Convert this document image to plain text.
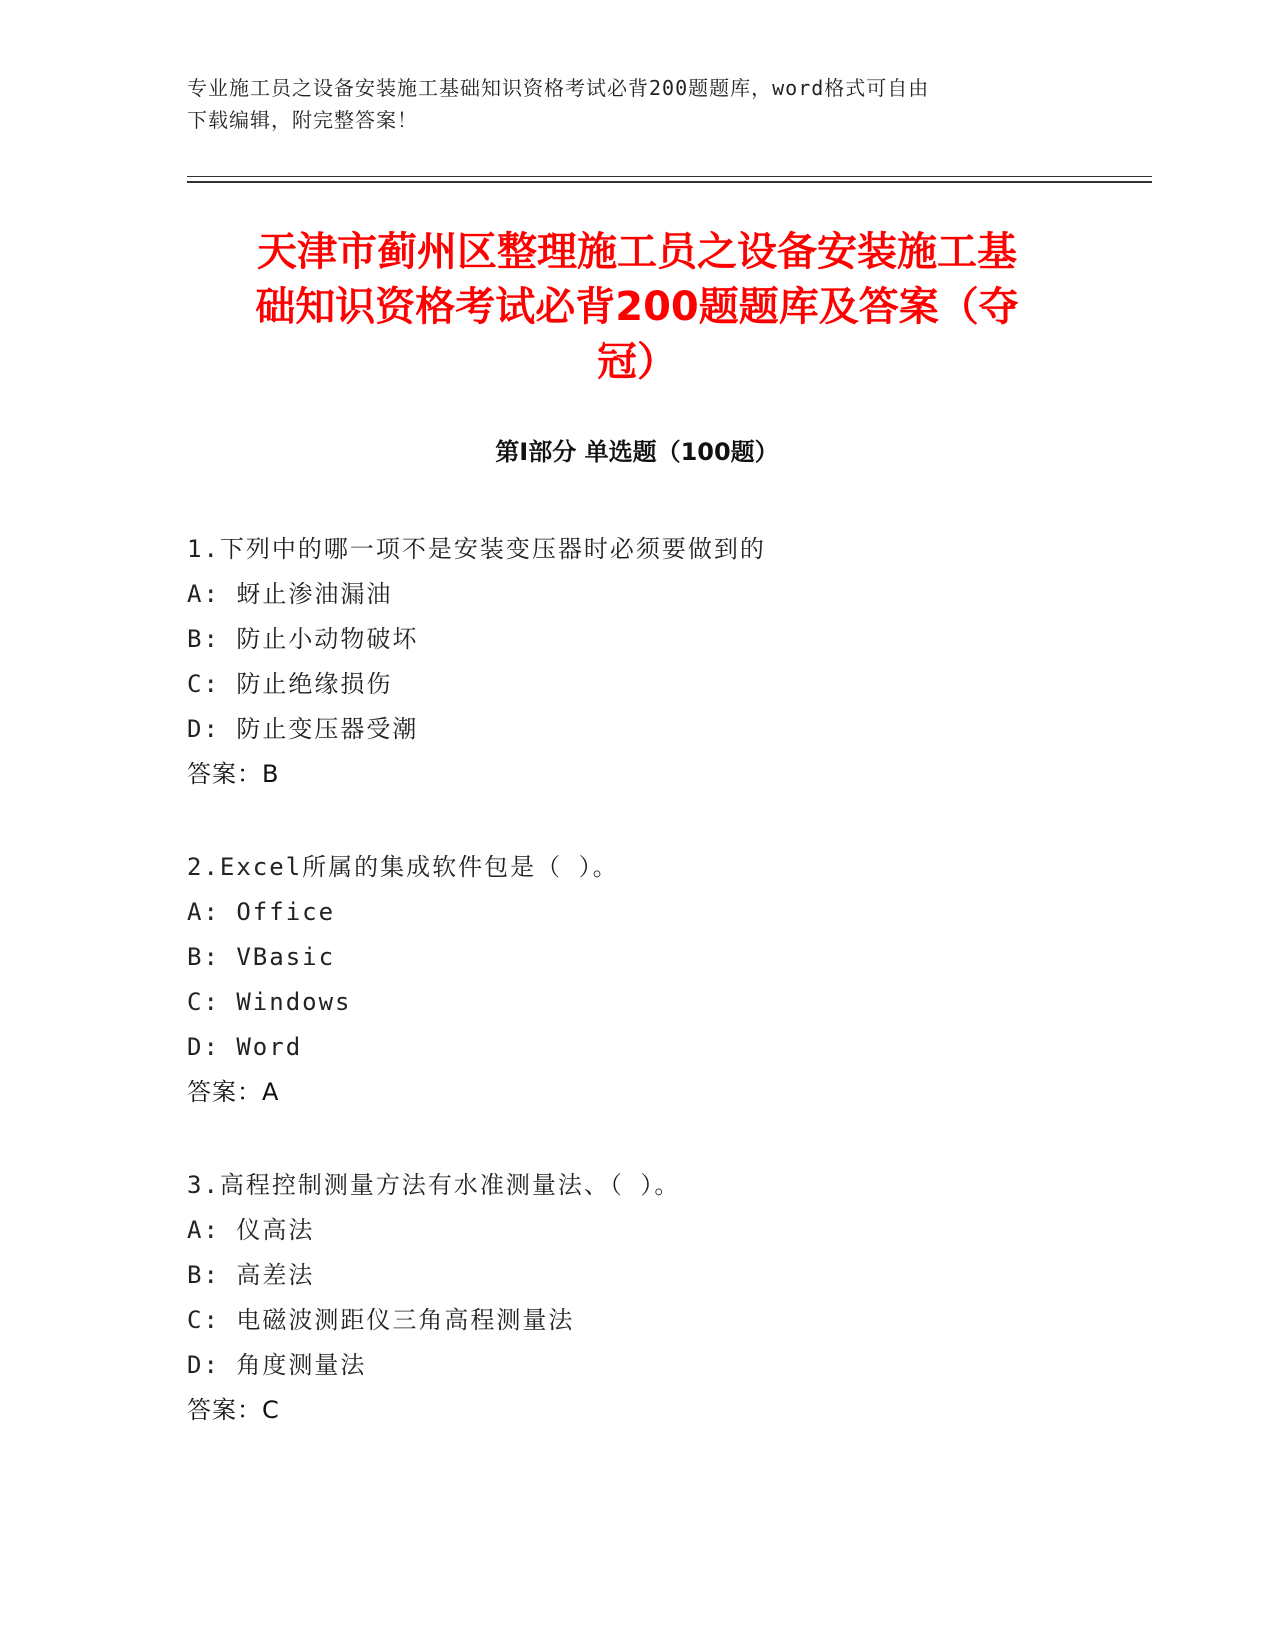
专业施工员之设备安装施工基础知识资格考试必背200题题库，word格式可自由
下载编辑，附完整答案！
天津市蓟州区整理施工员之设备安装施工基
础知识资格考试必背200题题库及答案（夺
冠）
第I部分 单选题（100题）
1.下列中的哪一项不是安装变压器时必须要做到的
A: 蚜止渗油漏油
B: 防止小动物破坏
C: 防止绝缘损伤
D: 防止变压器受潮
答案：B
2.Excel所属的集成软件包是（ ）。
A: Office
B: VBasic
C: Windows
D: Word
答案：A
3.高程控制测量方法有水准测量法、（ ）。
A: 仪高法
B: 高差法
C: 电磁波测距仪三角高程测量法
D: 角度测量法
答案：C
